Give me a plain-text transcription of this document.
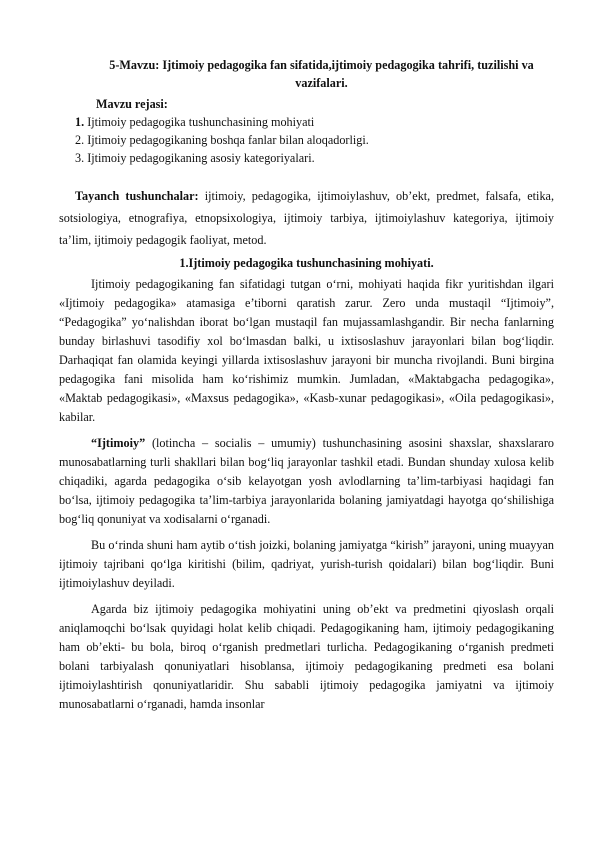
5-Mavzu: Ijtimoiy pedagogika fan sifatida,ijtimoiy pedagogika tahrifi, tuzilishi va vazifalari.
Mavzu rejasi:
1. Ijtimoiy pedagogika tushunchasining mohiyati
2. Ijtimoiy pedagogikaning boshqa fanlar bilan aloqadorligi.
3. Ijtimoiy pedagogikaning asosiy kategoriyalari.

Tayanch tushunchalar: ijtimoiy, pedagogika, ijtimoiylashuv, ob’ekt, predmet, falsafa, etika, sotsiologiya, etnografiya, etnopsixologiya, ijtimoiy tarbiya, ijtimoiylashuv kategoriya, ijtimoiy ta’lim, ijtimoiy pedagogik faoliyat, metod.

1.Ijtimoiy pedagogika tushunchasining mohiyati.

Ijtimoiy pedagogikaning fan sifatidagi tutgan o‘rni, mohiyati haqida fikr yuritishdan ilgari «Ijtimoiy pedagogika» atamasiga e’tiborni qaratish zarur. Zero unda mustaqil “Ijtimoiy”, “Pedagogika” yo‘nalishdan iborat bo‘lgan mustaqil fan mujassamlashgandir. Bir necha fanlarning bunday birlashuvi tasodifiy xol bo‘lmasdan balki, u ixtisoslashuv jarayonlari bilan bog‘liqdir. Darhaqiqat fan olamida keyingi yillarda ixtisoslashuv jarayoni bir muncha rivojlandi. Buni birgina pedagogika fani misolida ham ko‘rishimiz mumkin. Jumladan, «Maktabgacha pedagogika», «Maktab pedagogikasi», «Maxsus pedagogika», «Kasb-xunar pedagogikasi», «Oila pedagogikasi», kabilar.

“Ijtimoiy” (lotincha – socialis – umumiy) tushunchasining asosini shaxslar, shaxslararo munosabatlarning turli shakllari bilan bog‘liq jarayonlar tashkil etadi. Bundan shunday xulosa kelib chiqadiki, agarda pedagogika o‘sib kelayotgan yosh avlodlarning ta’lim-tarbiyasi haqidagi fan bo‘lsa, ijtimoiy pedagogika ta’lim-tarbiya jarayonlarida bolaning jamiyatdagi hayotga qo‘shilishiga bog‘liq qonuniyat va xodisalarni o‘rganadi.

Bu o‘rinda shuni ham aytib o‘tish joizki, bolaning jamiyatga “kirish” jarayoni, uning muayyan ijtimoiy tajribani qo‘lga kiritishi (bilim, qadriyat, yurish-turish qoidalari) bilan bog‘liqdir. Buni ijtimoiylashuv deyiladi.

Agarda biz ijtimoiy pedagogika mohiyatini uning ob’ekt va predmetini qiyoslash orqali aniqlamoqchi bo‘lsak quyidagi holat kelib chiqadi. Pedagogikaning ham, ijtimoiy pedagogikaning ham ob’ekti- bu bola, biroq o‘rganish predmetlari turlicha. Pedagogikaning o‘rganish predmeti bolani tarbiyalash qonuniyatlari hisoblansa, ijtimoiy pedagogikaning predmeti esa bolani ijtimoiylashtirish qonuniyatlaridir. Shu sababli ijtimoiy pedagogika jamiyatni va ijtimoiy munosabatlarni o‘rganadi, hamda insonlar
